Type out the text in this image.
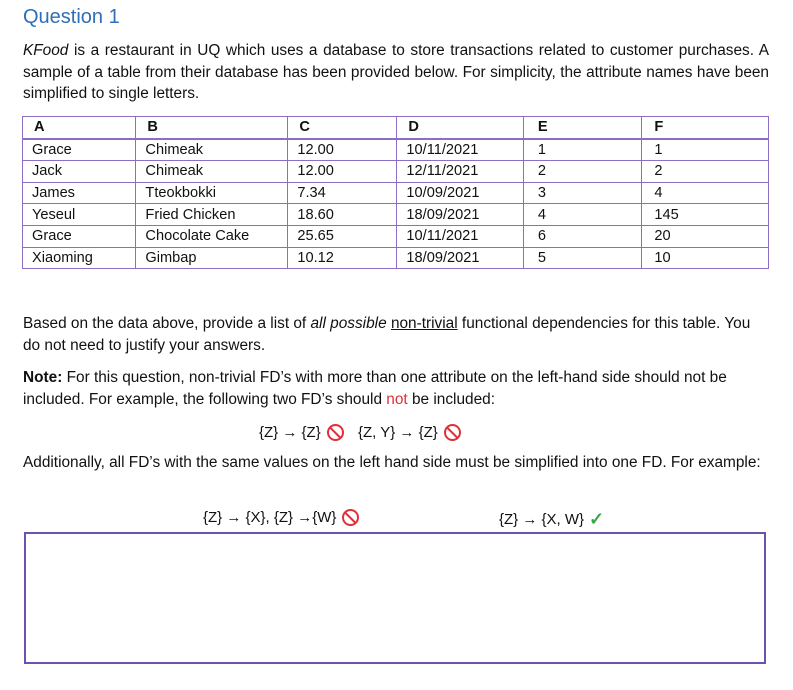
Question 1
KFood is a restaurant in UQ which uses a database to store transactions related to customer purchases. A sample of a table from their database has been provided below. For simplicity, the attribute names have been simplified to single letters.
A	B	C	D	E	F
Grace	Chimeak	12.00	10/11/2021	1	1
Jack	Chimeak	12.00	12/11/2021	2	2
James	Tteokbokki	7.34	10/09/2021	3	4
Yeseul	Fried Chicken	18.60	18/09/2021	4	145
Grace	Chocolate Cake	25.65	10/11/2021	6	20
Xiaoming	Gimbap	10.12	18/09/2021	5	10
Based on the data above, provide a list of all possible non-trivial functional dependencies for this table. You do not need to justify your answers.
Note: For this question, non-trivial FD’s with more than one attribute on the left-hand side should not be included. For example, the following two FD’s should not be included:
{Z} → {Z} {Z, Y} → {Z}
Additionally, all FD’s with the same values on the left hand side must be simplified into one FD. For example:
{Z} → {X}, {Z} →{W}	{Z} → {X, W} ✓
